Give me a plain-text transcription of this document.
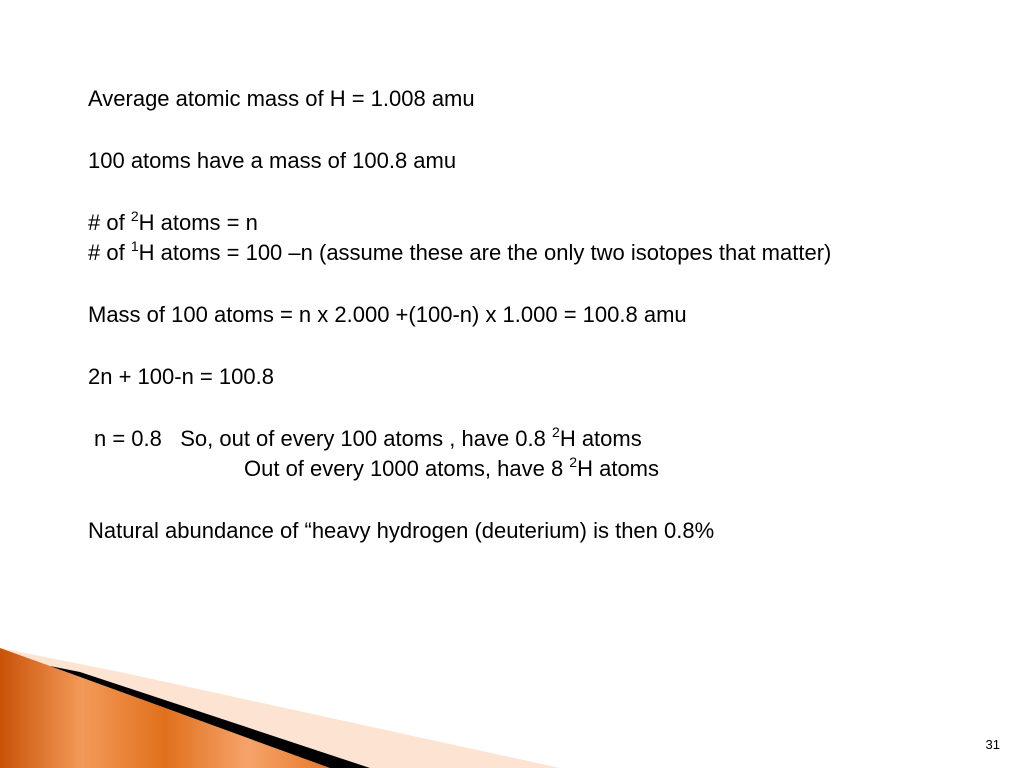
Average atomic mass of H = 1.008 amu
100 atoms have a mass of 100.8 amu
# of $^2$H atoms = n
# of $^1$H atoms = 100 –n (assume these are the only two isotopes that matter)
Mass of 100 atoms = n x 2.000 +(100-n) x 1.000 = 100.8 amu
2n + 100-n = 100.8
n = 0.8   So, out of every 100 atoms , have 0.8 $^2$H atoms
Out of every 1000 atoms, have 8 $^2$H atoms
Natural abundance of “heavy hydrogen (deuterium) is then 0.8%
31
